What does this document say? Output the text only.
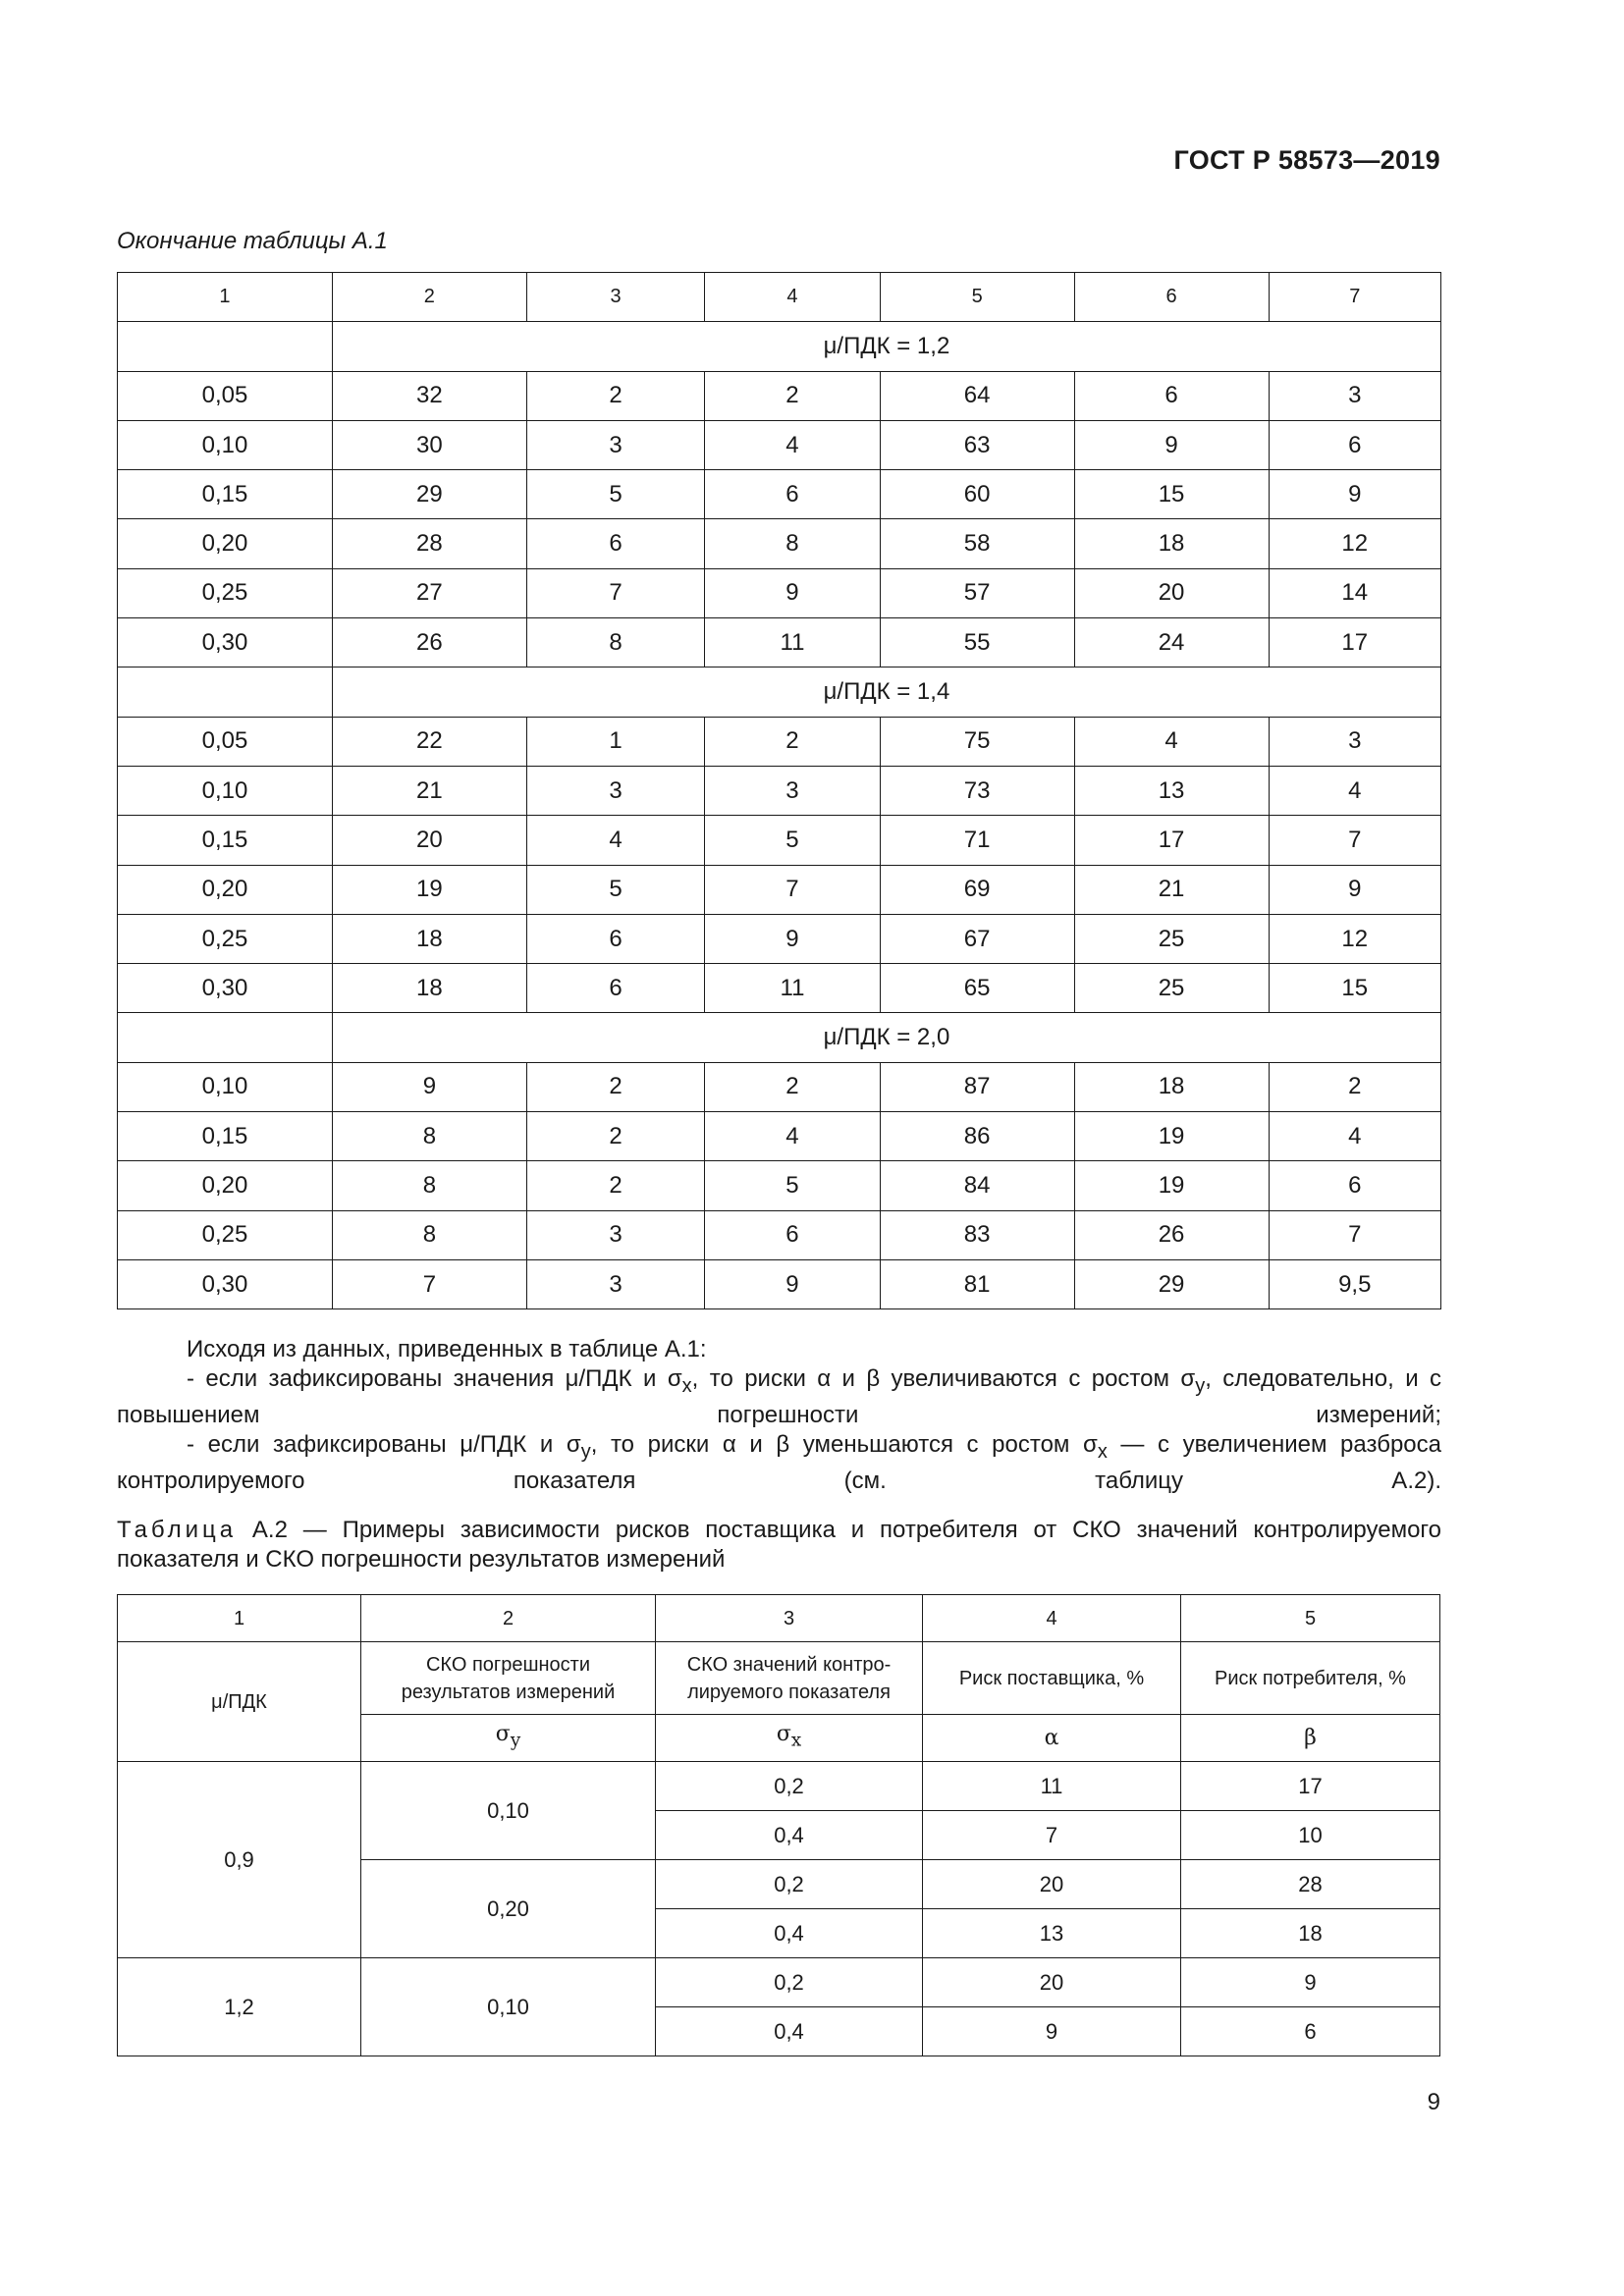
ГОСТ Р 58573—2019
Окончание таблицы А.1
1	2	3	4	5	6	7
	μ/ПДК = 1,2					
0,05	32	2	2	64	6	3
0,10	30	3	4	63	9	6
0,15	29	5	6	60	15	9
0,20	28	6	8	58	18	12
0,25	27	7	9	57	20	14
0,30	26	8	11	55	24	17
	μ/ПДК = 1,4					
0,05	22	1	2	75	4	3
0,10	21	3	3	73	13	4
0,15	20	4	5	71	17	7
0,20	19	5	7	69	21	9
0,25	18	6	9	67	25	12
0,30	18	6	11	65	25	15
	μ/ПДК = 2,0					
0,10	9	2	2	87	18	2
0,15	8	2	4	86	19	4
0,20	8	2	5	84	19	6
0,25	8	3	6	83	26	7
0,30	7	3	9	81	29	9,5

Исходя из данных, приведенных в таблице А.1:

- если зафиксированы значения μ/ПДК и $\sigma_x$, то риски α и β увеличиваются с ростом $\sigma_y$, следовательно, и с повышением погрешности измерений;

- если зафиксированы μ/ПДК и $\sigma_y$, то риски α и β уменьшаются с ростом $\sigma_x$ — с увеличением разброса контролируемого показателя (см. таблицу А.2).

Таблица А.2 — Примеры зависимости рисков поставщика и потребителя от СКО значений контролируемого показателя и СКО погрешности результатов измерений
1	2	3	4	5
μ/ПДК	СКО погрешности результатов измерений	СКО значений контро-лируемого показателя	Риск поставщика, %	Риск потребителя, %
	$\sigma_y$	$\sigma_x$	α	β
0,9	0,10	0,2	11	17
		0,4	7	10
	0,20	0,2	20	28
		0,4	13	18
1,2	0,10	0,2	20	9
		0,4	9	6
9
